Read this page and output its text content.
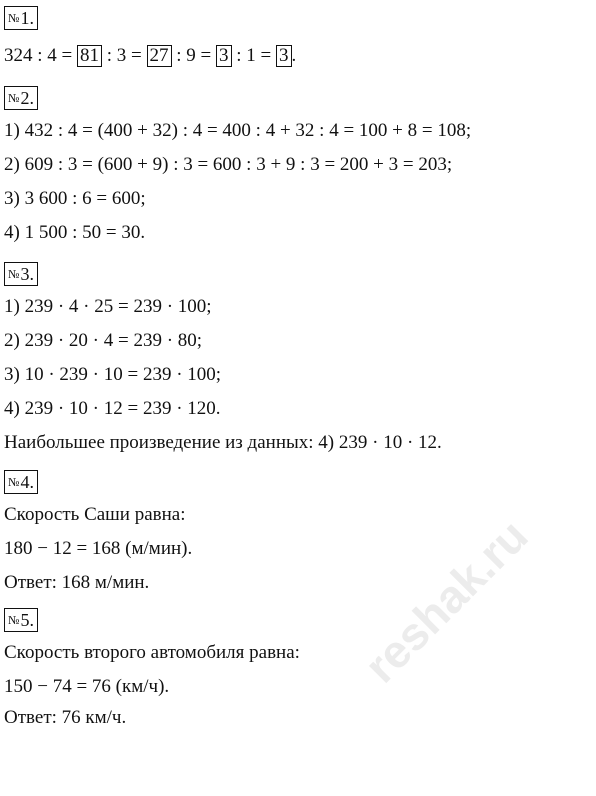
№1.
324 : 4 = 81 : 3 = 27 : 9 = 3 : 1 = 3 .
№2.
1) 432 : 4 = (400 + 32) : 4 = 400 : 4 + 32 : 4 = 100 + 8 = 108;
2) 609 : 3 = (600 + 9) : 3 = 600 : 3 + 9 : 3 = 200 + 3 = 203;
3) 3 600 : 6 = 600;
4) 1 500 : 50 = 30.
№3.
1) 239 · 4 · 25 = 239 · 100;
2) 239 · 20 · 4 = 239 · 80;
3) 10 · 239 · 10 = 239 · 100;
4) 239 · 10 · 12 = 239 · 120.
Наибольшее произведение из данных: 4) 239 · 10 · 12.
№4.
Скорость Саши равна:
180 − 12 = 168 (м/мин).
Ответ: 168 м/мин.
№5.
Скорость второго автомобиля равна:
150 − 74 = 76 (км/ч).
Ответ: 76 км/ч.
reshak.ru
